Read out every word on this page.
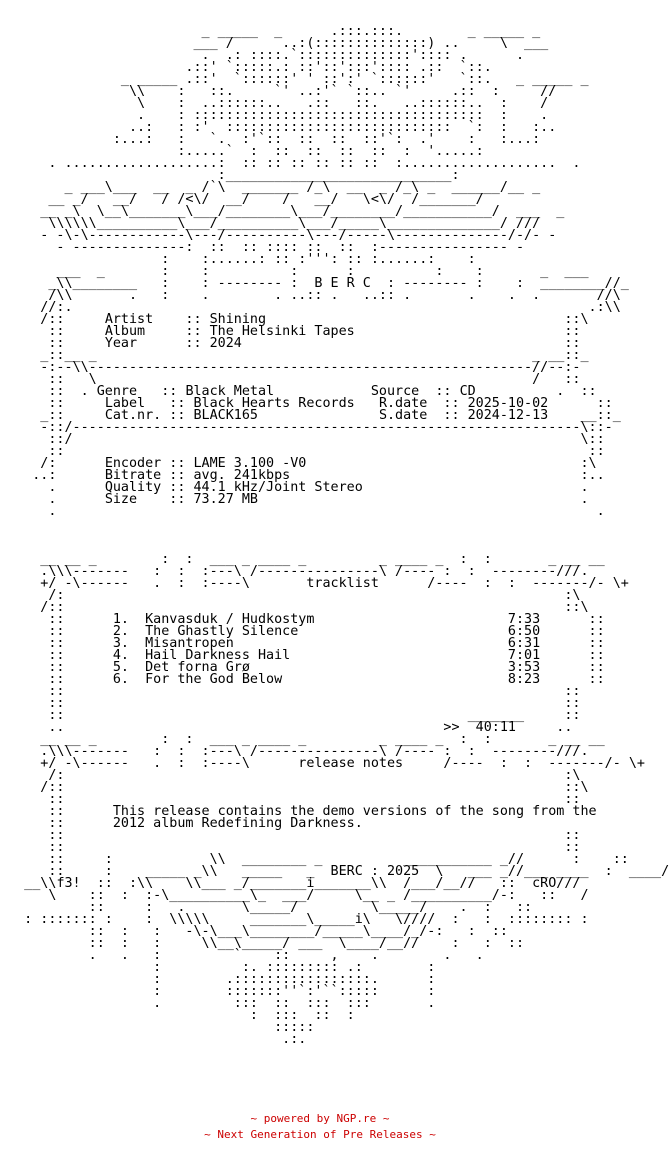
_ _____  _      .:::.:::.        _ _____ _
___ /      ..:(::::::::::::::) ..     \  ___
.  .: ::::.`::::::::::::::':::: .      .
.::' `:::::.: ::'::':::':::: .::  `::.
_ _____ .::'  `::::::' ' ::':' `::::::'   `::.   _ _____ _
\\    :   ::.     `' ..:'` `::.. `'     .::  :     //
\    :  ..::::::..   .::   ::.   ..::::::..  :    /
.    : ::::::::::::::::::::::::::::::::::::  :    .
..:   : :'  ::::::::::::::::::::::::::::  `:  :   :..
:...:   :   `.  :'`::  ::  ::  ::'`:  .'    :   :...:
:.....`  :  ::  ::  ::  ::  :  '.....:
. ...................:  :: :: :: :: :: ::  :...................  .
:____________________________:
_ ___\___  __  _ /`\  _______ /_\  __  _ /_\ _  ______/__ _
__ _/   __/   / /<\/  __/    /   __/   \<\/  /_______/
__ _\  \__\_______\___/________\___/________/___________/  ___  _
\\\\\\__________\___/__________\___/_____\______________/ ///
- -\-\------------\---/----------\---/-----\--------------/-/- -
- --------------:  ::  :: :::: ::  ::  :---------------- -
:    :......: :: :''': :: :......:    :
___  _       :    :          :      :          :    :       _  ___
_\\________   :    : -------- :  B E R C  : -------- :    :  ________//_
/\\       .   :    .        . ..:: .   ..:: .       .    .  .       //\
//:.                                                                .:\\
/::	Artist    :: Shining	::\
::	Album     :: The Helsinki Tapes	::
::	Year      :: 2024	::
_::__ _                                                      _ __::_
-:--\\-------------------------------------------------------//--:-
::   \                                                      /   ::
::  . Genre   :: Black Metal	Source  :: CD	.  ::
::	Label   :: Black Hearts Records R.date  :: 2025-10-02	::
_::	Cat.nr. :: BLACK165	S.date  :: 2024-12-13    __::_
-::/---------------------------------------------------------------\::-
::/                                                               \::
::                                                                 ::
/:	Encoder :: LAME 3.100 -V0	:\
..:	Bitrate :: avg. 241kbps	:..
.	Quality :: 44.1 kHz/Joint Stereo	.
.	Size    :: 73.27 MB	.
.                                                                   .

__ __ _        :  :  ___ _ ____ _         _ ____ _  :  :       _ __ __
.\\\-------   :  :  :---\ /---------------\ /---- :  :  --------///.
+/ -\------   .  :  :----\	tracklist	/----  :  :  -------/- \+
/:                                                              :\
/::                                                              ::\
::	1. Kanvasduk / Hudkostym	7:33	::
::	2. The Ghastly Silence	6:50	::
::	3. Misantropen	6:31	::
::	4. Hail Darkness Hail	7:01	::
::	5. Det forna Grø	3:53	::
::	6. For the God Below	8:23	::
::                                                              ::
::                                                              ::
::                                                  _______     ::
..                                               >>  40:11	..
__ __ _        :  :  ___ _ ____ _         _ ____ _  :  :       _ __ __
.\\\-------   :  :  :---\ /---------------\ /---- :  :  --------///.
+/ -\------   .  :  :----\	release notes	/----  :  :  -------/- \+
/:                                                              :\
/::                                                              ::\
::                                                              ::
::	This release contains the demo versions of the song from the
::	2012 album Redefining Darkness.
::                                                              ::
::                                                              ::
::     :            \\  ________ _          ___________ _//      :    ::
::     :    _____ _\\   _____   _  BERC : 2025  \   ___ _//___ ____  :  ____/
__\\f3!  ::  :\\    \\___ _/_______i_______\\  /___/__//   ::  cRO///
\    ::  :  :-\__________\_  ___/     \__ _ /__________/-:   ::   /
::     :   .       \_____/         \_____/    .  :   ::
: ::::::: :    :  \\\\\     _______\_____i\   \////  :   :  :::::::: :
::  :   :   -\-\___\________/_____\____/_/-:   :  ::
::  :   :     \\__\_____/ ___  \____/__//    :   :  ::
.   .   :         `    ::     ,    .        .   .
:          :. ::::::::: .:        :
:        .:::::::::::::::::.      :
:        :::::::''`:'``:::::      :
.         :::  ::  :::  :::       .
:  :::  ::  :
:::::
.:.
~ powered by NGP.re ~
~ Next Generation of Pre Releases ~
